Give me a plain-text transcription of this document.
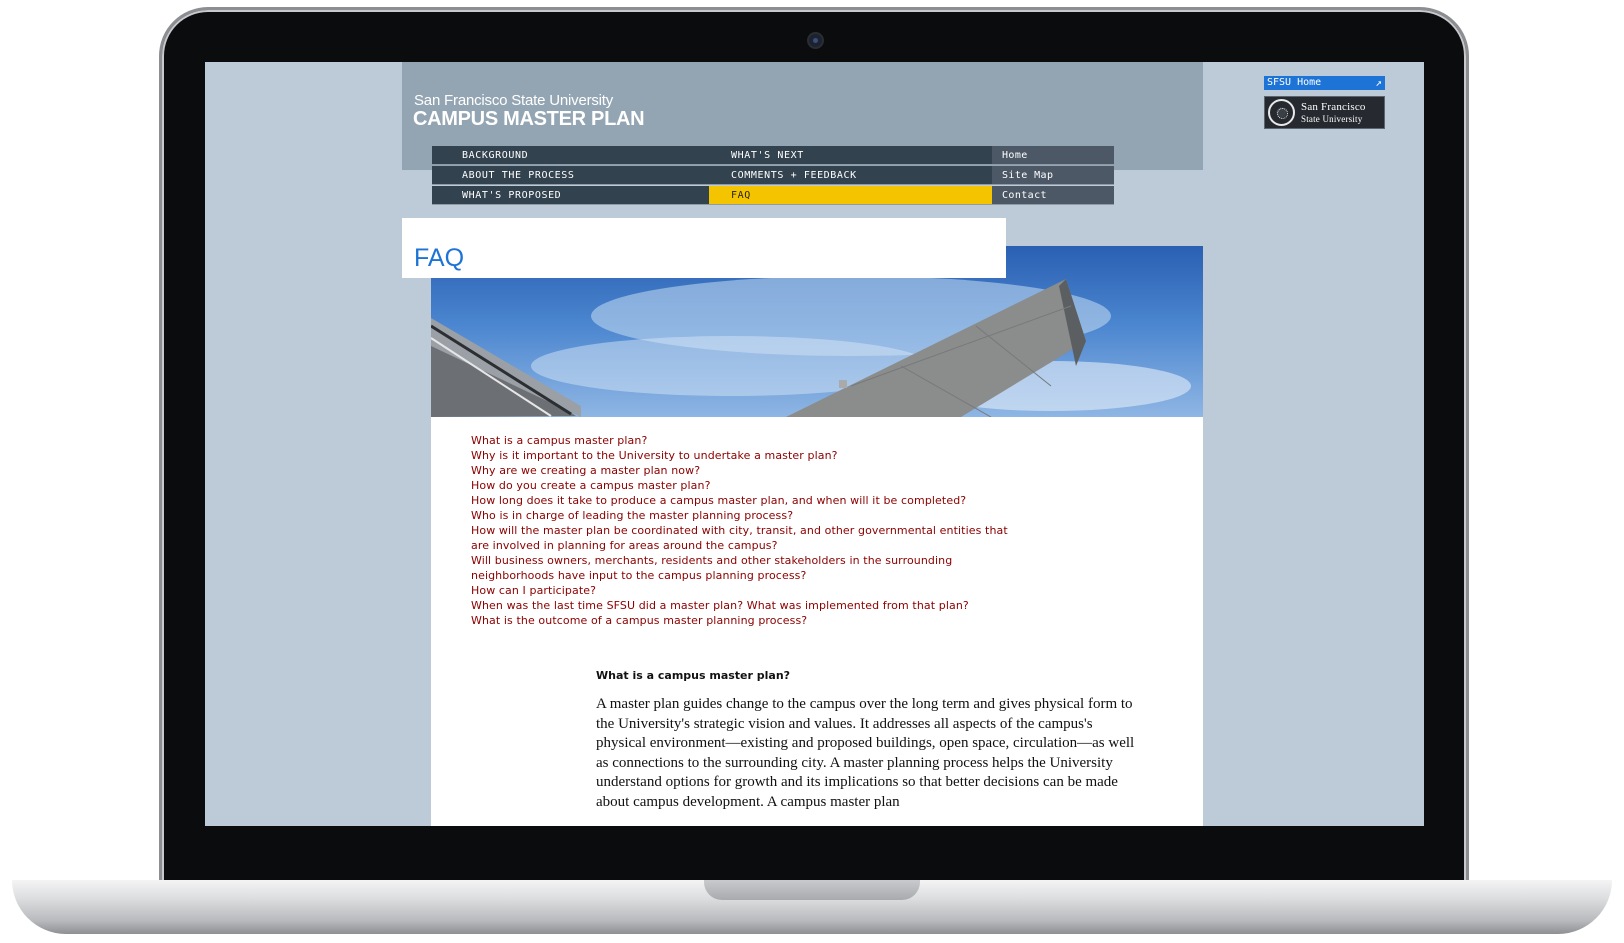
San Francisco State University
CAMPUS MASTER PLAN
SFSU Home	↗
San Francisco
State University
BACKGROUND	WHAT'S NEXT	Home
ABOUT THE PROCESS	COMMENTS + FEEDBACK	Site Map
WHAT'S PROPOSED	FAQ	Contact
FAQ
What is a campus master plan?
Why is it important to the University to undertake a master plan?
Why are we creating a master plan now?
How do you create a campus master plan?
How long does it take to produce a campus master plan, and when will it be completed?
Who is in charge of leading the master planning process?
How will the master plan be coordinated with city, transit, and other governmental entities that
are involved in planning for areas around the campus?
Will business owners, merchants, residents and other stakeholders in the surrounding
neighborhoods have input to the campus planning process?
How can I participate?
When was the last time SFSU did a master plan? What was implemented from that plan?
What is the outcome of a campus master planning process?
What is a campus master plan?
A master plan guides change to the campus over the long term and gives physical form to the University's strategic vision and values. It addresses all aspects of the campus's physical environment—existing and proposed buildings, open space, circulation—as well as connections to the surrounding city. A master planning process helps the University understand options for growth and its implications so that better decisions can be made about campus development. A campus master plan
